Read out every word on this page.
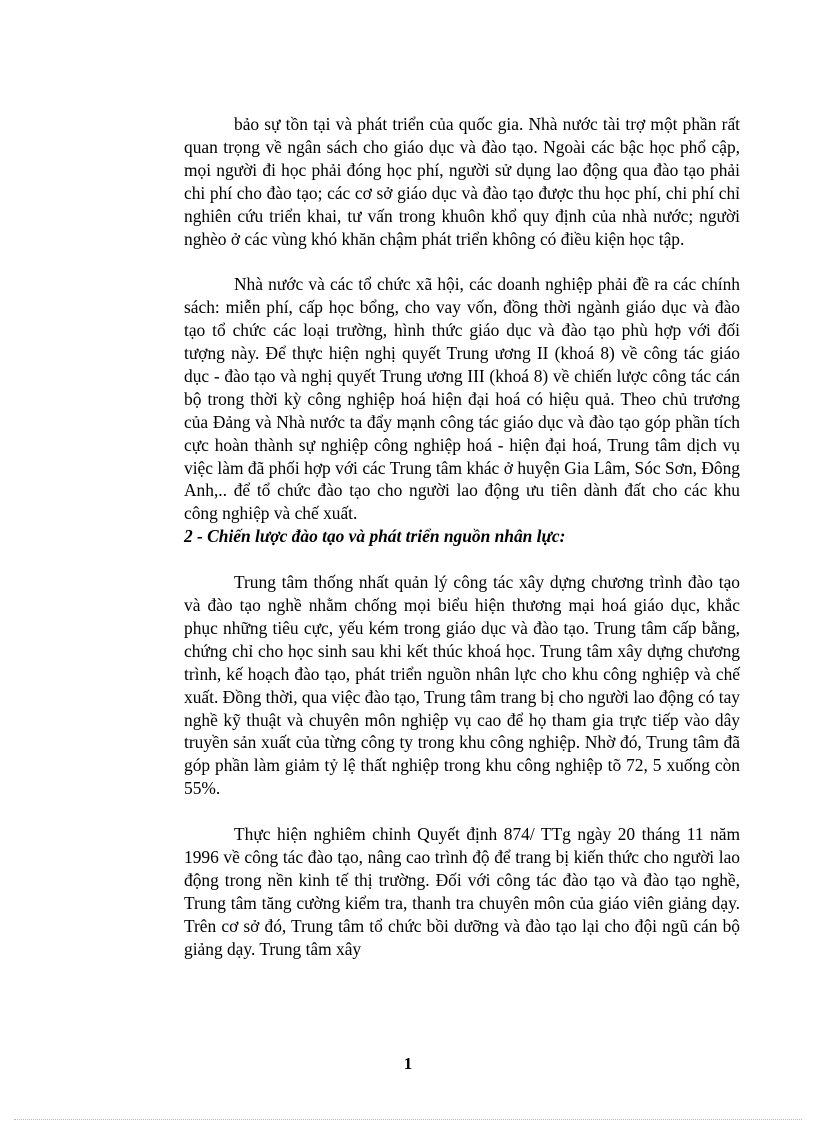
bảo sự tồn tại và phát triển của quốc gia. Nhà nước tài trợ một phần rất quan trọng về ngân sách cho giáo dục và đào tạo. Ngoài các bậc học phổ cập, mọi người đi học phải đóng học phí, người sử dụng lao động qua đào tạo phải chi phí cho đào tạo; các cơ sở giáo dục và đào tạo được thu học phí, chi phí chỉ nghiên cứu triển khai, tư vấn trong khuôn khổ quy định của nhà nước; người nghèo ở các vùng khó khăn chậm phát triển không có điều kiện học tập.

Nhà nước và các tổ chức xã hội, các doanh nghiệp phải đề ra các chính sách: miễn phí, cấp học bổng, cho vay vốn, đồng thời ngành giáo dục và đào tạo tổ chức các loại trường, hình thức giáo dục và đào tạo phù hợp với đối tượng này. Để thực hiện nghị quyết Trung ương II (khoá 8) về công tác giáo dục - đào tạo và nghị quyết Trung ương III (khoá 8) về chiến lược công tác cán bộ trong thời kỳ công nghiệp hoá hiện đại hoá có hiệu quả. Theo chủ trương của Đảng và Nhà nước ta đẩy mạnh công tác giáo dục và đào tạo góp phần tích cực hoàn thành sự nghiệp công nghiệp hoá - hiện đại hoá, Trung tâm dịch vụ việc làm đã phối hợp với các Trung tâm khác ở huyện Gia Lâm, Sóc Sơn, Đông Anh,.. để tổ chức đào tạo cho người lao động ưu tiên dành đất cho các khu công nghiệp và chế xuất.

2 - Chiến lược đào tạo và phát triển nguồn nhân lực:

Trung tâm thống nhất quản lý công tác xây dựng chương trình đào tạo và đào tạo nghề nhằm chống mọi biểu hiện thương mại hoá giáo dục, khắc phục những tiêu cực, yếu kém trong giáo dục và đào tạo. Trung tâm cấp bằng, chứng chỉ cho học sinh sau khi kết thúc khoá học. Trung tâm xây dựng chương trình, kế hoạch đào tạo, phát triển nguồn nhân lực cho khu công nghiệp và chế xuất. Đồng thời, qua việc đào tạo, Trung tâm trang bị cho người lao động có tay nghề kỹ thuật và chuyên môn nghiệp vụ cao để họ tham gia trực tiếp vào dây truyền sản xuất của từng công ty trong khu công nghiệp. Nhờ đó, Trung tâm đã góp phần làm giảm tỷ lệ thất nghiệp trong khu công nghiệp tõ 72, 5 xuống còn 55%.

Thực hiện nghiêm chỉnh Quyết định 874/ TTg ngày 20 tháng 11 năm 1996 về công tác đào tạo, nâng cao trình độ để trang bị kiến thức cho người lao động trong nền kinh tế thị trường. Đối với công tác đào tạo và đào tạo nghề, Trung tâm tăng cường kiểm tra, thanh tra chuyên môn của giáo viên giảng dạy. Trên cơ sở đó, Trung tâm tổ chức bồi dưỡng và đào tạo lại cho đội ngũ cán bộ giảng dạy. Trung tâm xây

1
